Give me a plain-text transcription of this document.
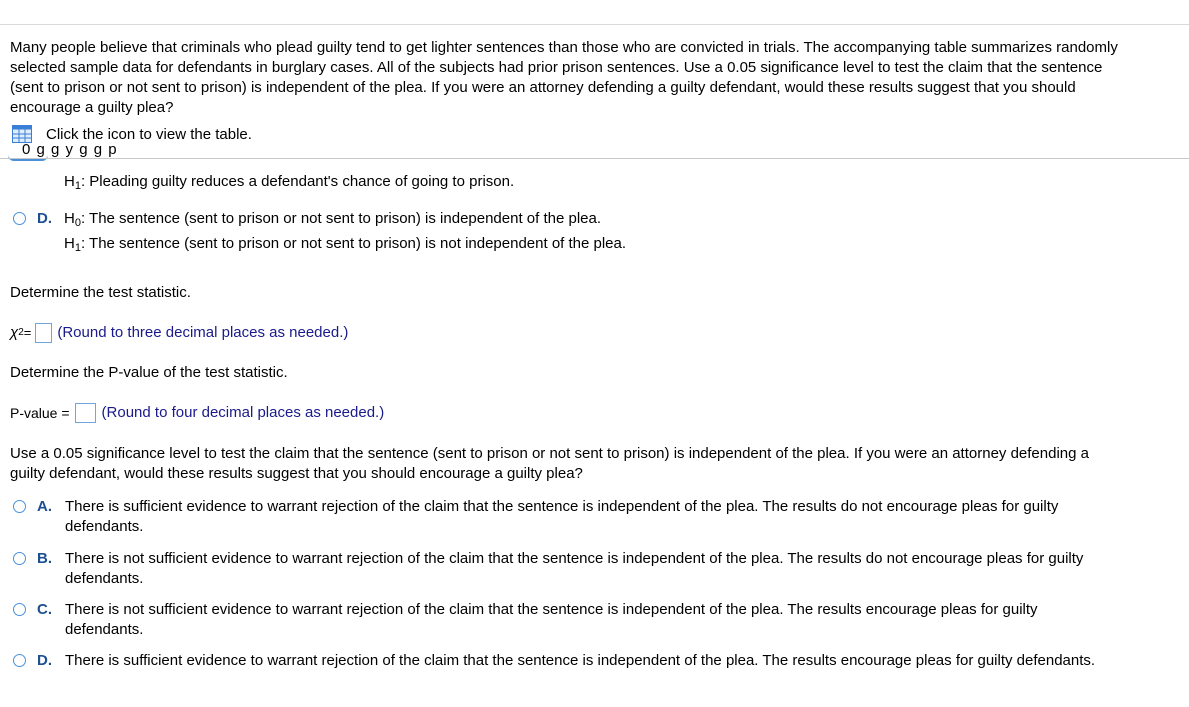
Many people believe that criminals who plead guilty tend to get lighter sentences than those who are convicted in trials. The accompanying table summarizes randomly
selected sample data for defendants in burglary cases. All of the subjects had prior prison sentences. Use a 0.05 significance level to test the claim that the sentence
(sent to prison or not sent to prison) is independent of the plea. If you were an attorney defending a guilty defendant, would these results suggest that you should
encourage a guilty plea?
Click the icon to view the table.
0 g g y g g p
$H_1$: Pleading guilty reduces a defendant's chance of going to prison.
D. $H_0$: The sentence (sent to prison or not sent to prison) is independent of the plea.
$H_1$: The sentence (sent to prison or not sent to prison) is not independent of the plea.
Determine the test statistic.
χ 2 = (Round to three decimal places as needed.)
Determine the P-value of the test statistic.
P-value = (Round to four decimal places as needed.)
Use a 0.05 significance level to test the claim that the sentence (sent to prison or not sent to prison) is independent of the plea. If you were an attorney defending a
guilty defendant, would these results suggest that you should encourage a guilty plea?
A. There is sufficient evidence to warrant rejection of the claim that the sentence is independent of the plea. The results do not encourage pleas for guilty
defendants.
B. There is not sufficient evidence to warrant rejection of the claim that the sentence is independent of the plea. The results do not encourage pleas for guilty
defendants.
C. There is not sufficient evidence to warrant rejection of the claim that the sentence is independent of the plea. The results encourage pleas for guilty
defendants.
D. There is sufficient evidence to warrant rejection of the claim that the sentence is independent of the plea. The results encourage pleas for guilty defendants.
